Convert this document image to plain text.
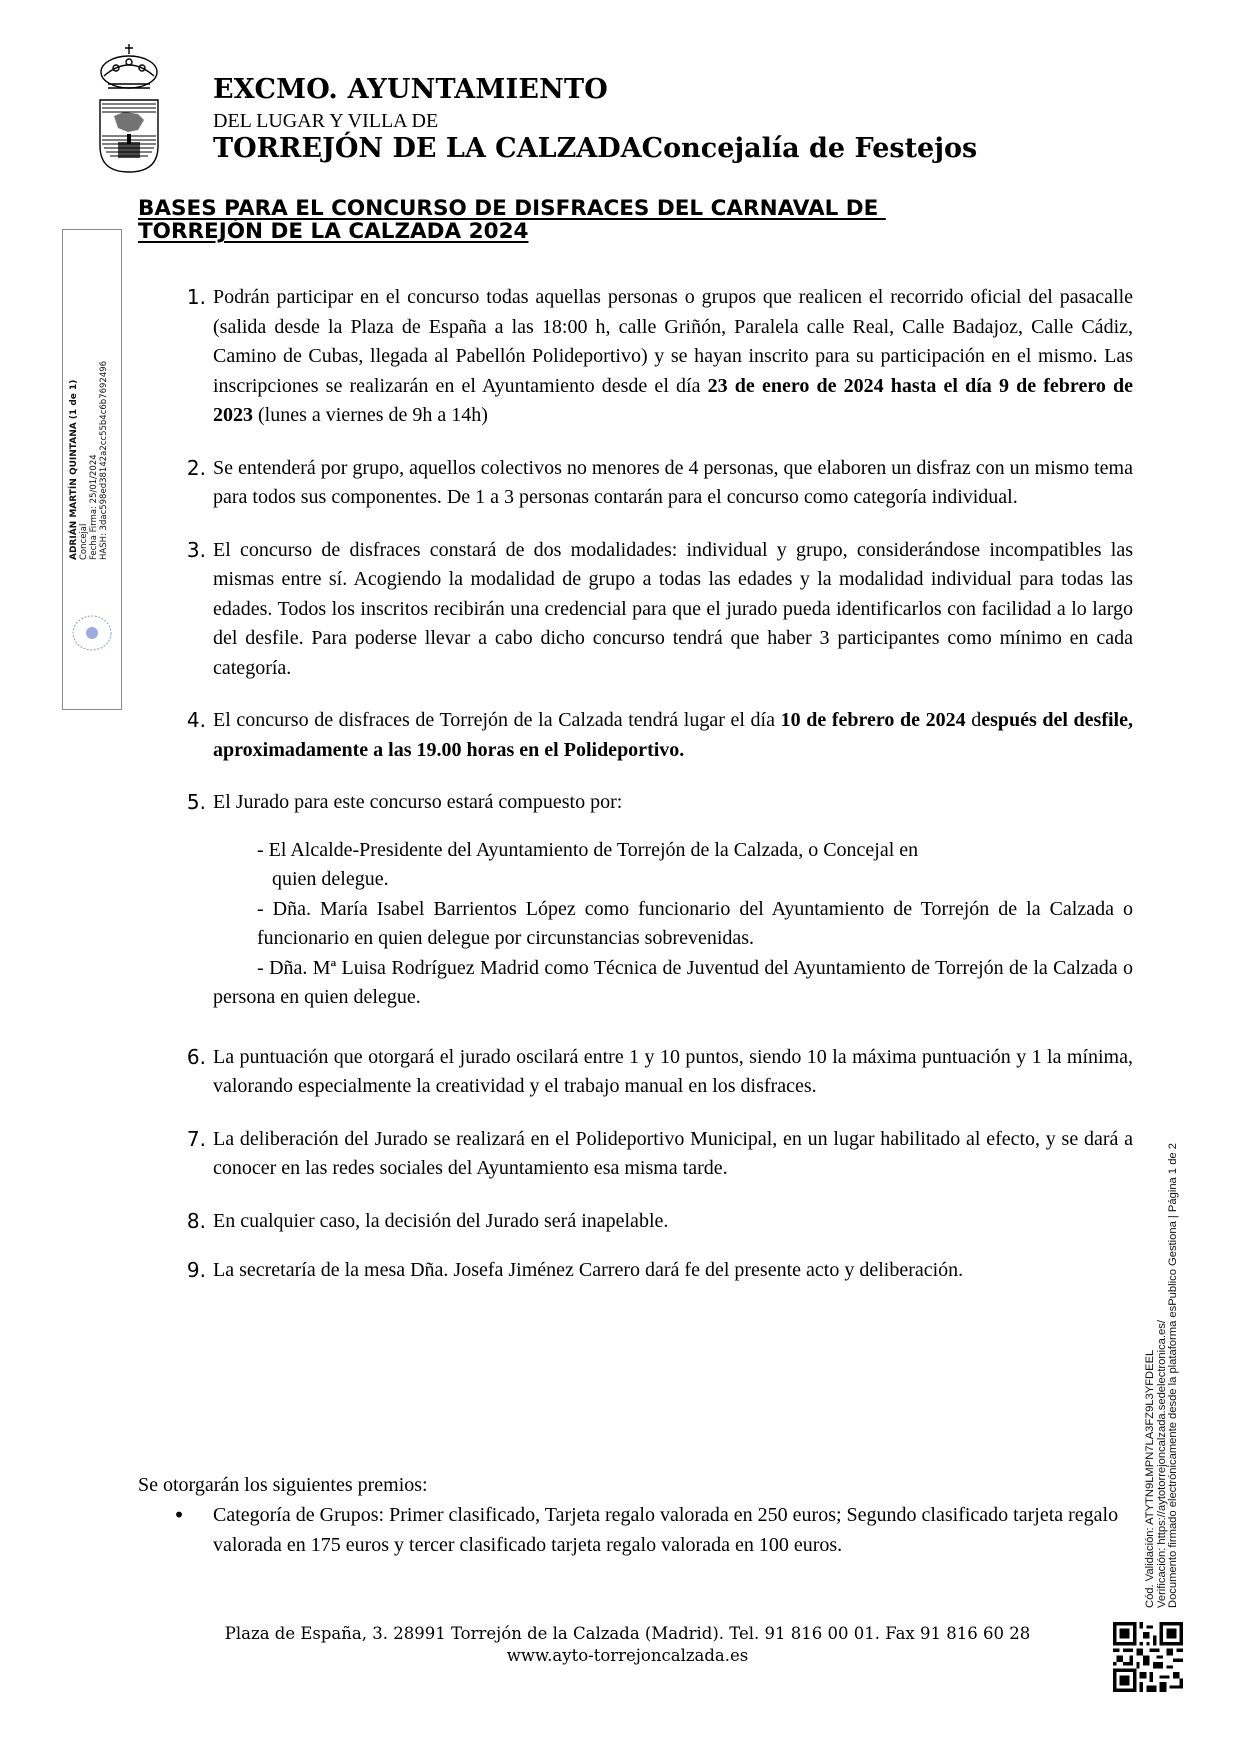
EXCMO. AYUNTAMIENTO
DEL LUGAR Y VILLA DE
TORREJÓN DE LA CALZADAConcejalía de Festejos
BASES PARA EL CONCURSO DE DISFRACES DEL CARNAVAL DE
TORREJÓN DE LA CALZADA 2024
ADRIÁN MARTÍN QUINTANA (1 de 1) Concejal Fecha Firma: 25/01/2024 HASH: 3dac598ed38142a2cc55b4c6b7692496
1. Podrán participar en el concurso todas aquellas personas o grupos que realicen el recorrido oficial del pasacalle (salida desde la Plaza de España a las 18:00 h, calle Griñón, Paralela calle Real, Calle Badajoz, Calle Cádiz, Camino de Cubas, llegada al Pabellón Polideportivo) y se hayan inscrito para su participación en el mismo. Las inscripciones se realizarán en el Ayuntamiento desde el día 23 de enero de 2024 hasta el día 9 de febrero de 2023 (lunes a viernes de 9h a 14h)
2. Se entenderá por grupo, aquellos colectivos no menores de 4 personas, que elaboren un disfraz con un mismo tema para todos sus componentes. De 1 a 3 personas contarán para el concurso como categoría individual.
3. El concurso de disfraces constará de dos modalidades: individual y grupo, considerándose incompatibles las mismas entre sí. Acogiendo la modalidad de grupo a todas las edades y la modalidad individual para todas las edades. Todos los inscritos recibirán una credencial para que el jurado pueda identificarlos con facilidad a lo largo del desfile. Para poderse llevar a cabo dicho concurso tendrá que haber 3 participantes como mínimo en cada categoría.
4. El concurso de disfraces de Torrejón de la Calzada tendrá lugar el día 10 de febrero de 2024 después del desfile, aproximadamente a las 19.00 horas en el Polideportivo.
5. El Jurado para este concurso estará compuesto por:
- El Alcalde-Presidente del Ayuntamiento de Torrejón de la Calzada, o Concejal en
quien delegue.
- Dña. María Isabel Barrientos López como funcionario del Ayuntamiento de Torrejón de la Calzada o funcionario en quien delegue por circunstancias sobrevenidas.
- Dña. Mª Luisa Rodríguez Madrid como Técnica de Juventud del Ayuntamiento de Torrejón de la Calzada o persona en quien delegue.
6. La puntuación que otorgará el jurado oscilará entre 1 y 10 puntos, siendo 10 la máxima puntuación y 1 la mínima, valorando especialmente la creatividad y el trabajo manual en los disfraces.
7. La deliberación del Jurado se realizará en el Polideportivo Municipal, en un lugar habilitado al efecto, y se dará a conocer en las redes sociales del Ayuntamiento esa misma tarde.
8. En cualquier caso, la decisión del Jurado será inapelable.
9. La secretaría de la mesa Dña. Josefa Jiménez Carrero dará fe del presente acto y deliberación.
Se otorgarán los siguientes premios:
• Categoría de Grupos: Primer clasificado, Tarjeta regalo valorada en 250 euros; Segundo clasificado tarjeta regalo valorada en 175 euros y tercer clasificado tarjeta regalo valorada en 100 euros.
Plaza de España, 3. 28991 Torrejón de la Calzada (Madrid). Tel. 91 816 00 01. Fax 91 816 60 28
www.ayto-torrejoncalzada.es
Cód. Validación: ATYTN9LMPN7LA3FZ9L3YFDEEL Verificación: https://aytotorrejoncalzada.sedelectronica.es/ Documento firmado electrónicamente desde la plataforma esPublico Gestiona | Página 1 de 2
